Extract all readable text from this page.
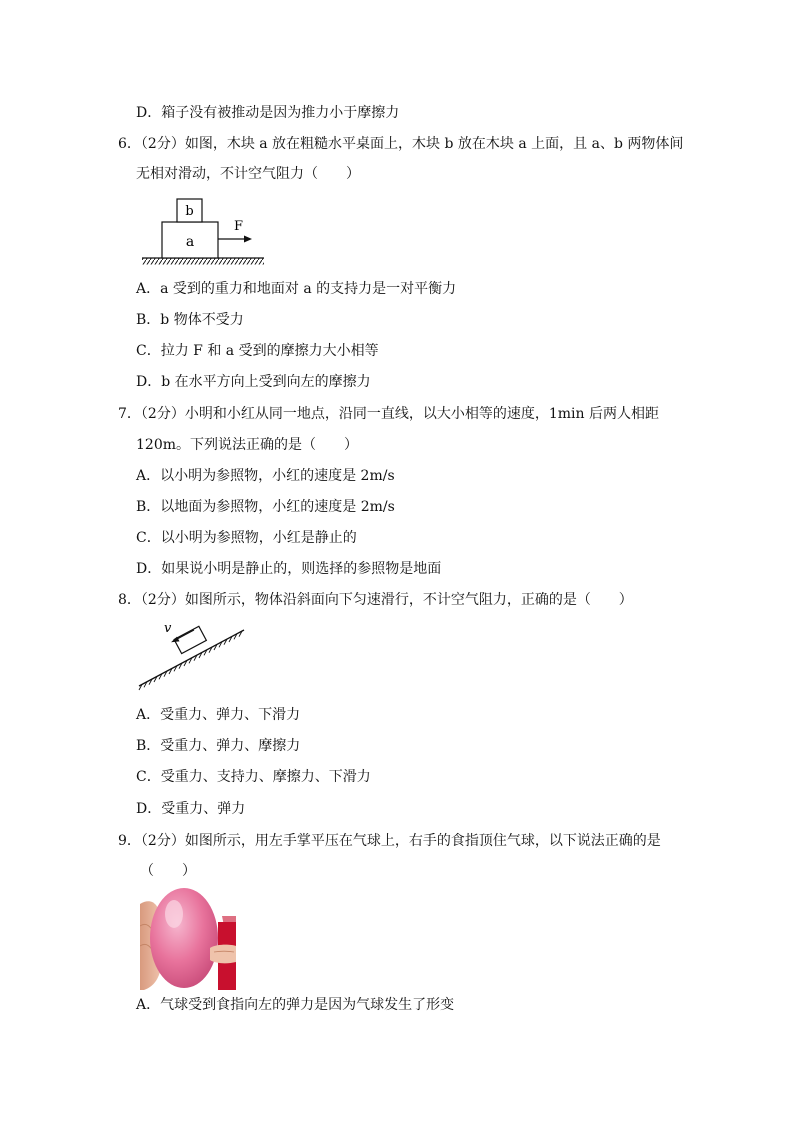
D．箱子没有被推动是因为推力小于摩擦力
6．（2分）如图，木块 a 放在粗糙水平桌面上，木块 b 放在木块 a 上面，且 a、b 两物体间
无相对滑动，不计空气阻力（　　）
a
b
F
A．a 受到的重力和地面对 a 的支持力是一对平衡力
B．b 物体不受力
C．拉力 F 和 a 受到的摩擦力大小相等
D．b 在水平方向上受到向左的摩擦力
7．（2分）小明和小红从同一地点，沿同一直线，以大小相等的速度，1min 后两人相距
120m。下列说法正确的是（　　）
A．以小明为参照物，小红的速度是 2m/s
B．以地面为参照物，小红的速度是 2m/s
C．以小明为参照物，小红是静止的
D．如果说小明是静止的，则选择的参照物是地面
8．（2分）如图所示，物体沿斜面向下匀速滑行，不计空气阻力，正确的是（　　）
v
A．受重力、弹力、下滑力
B．受重力、弹力、摩擦力
C．受重力、支持力、摩擦力、下滑力
D．受重力、弹力
9．（2分）如图所示，用左手掌平压在气球上，右手的食指顶住气球，以下说法正确的是
（　　）
A．气球受到食指向左的弹力是因为气球发生了形变
